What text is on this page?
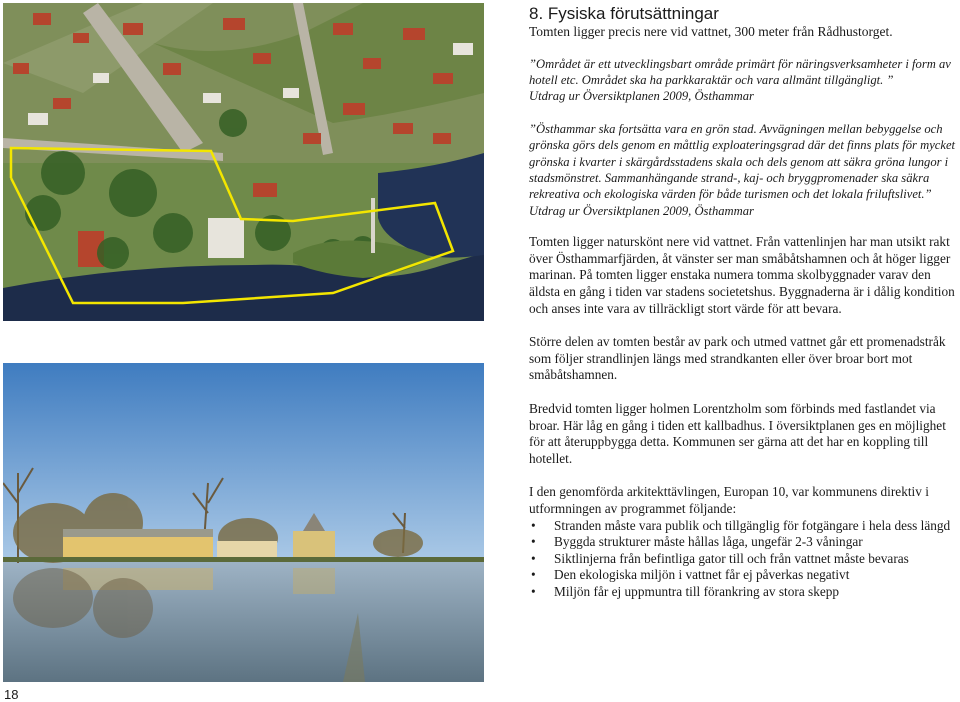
8. Fysiska förutsättningar

Tomten ligger precis nere vid vattnet, 300 meter från Rådhustorget.

”Området är ett utvecklingsbart område primärt för näringsverksamheter i form av hotell etc. Området ska ha parkkaraktär och vara allmänt tillgängligt. ”

Utdrag ur Översiktplanen 2009, Östhammar

”Östhammar ska fortsätta vara en grön stad. Avvägningen mellan bebyggelse och grönska görs dels genom en måttlig exploateringsgrad där det finns plats för mycket grönska i kvarter i skärgårdsstadens skala och dels genom att säkra gröna lungor i stadsmönstret. Sammanhängande strand-, kaj- och bryggpromenader ska säkra rekreativa och ekologiska värden för både turismen och det lokala friluftslivet.”

Utdrag ur Översiktplanen 2009, Östhammar

Tomten ligger naturskönt nere vid vattnet. Från vattenlinjen har man utsikt rakt över Östhammarfjärden, åt vänster ser man småbåtshamnen och åt höger ligger marinan. På tomten ligger enstaka numera tomma skolbyggnader varav den äldsta en gång i tiden var stadens societetshus. Byggnaderna är i dålig kondition och anses inte vara av tillräckligt stort värde för att bevara.

Större delen av tomten består av park och utmed vattnet går ett promenadstråk som följer strandlinjen längs med strandkanten eller över broar bort mot småbåtshamnen.

Bredvid tomten ligger holmen Lorentzholm som förbinds med fastlandet via broar. Här låg en gång i tiden ett kallbadhus. I översiktplanen ges en möjlighet för att återuppbygga detta. Kommunen ser gärna att det har en koppling till hotellet.

I den genomförda arkitekttävlingen, Europan 10, var kommunens direktiv i utformningen av programmet följande:

• Stranden måste vara publik och tillgänglig för fotgängare i hela dess längd
• Byggda strukturer måste hållas låga, ungefär 2-3 våningar
• Siktlinjerna från befintliga gator till och från vattnet måste bevaras
• Den ekologiska miljön i vattnet får ej påverkas negativt
• Miljön får ej uppmuntra till förankring av stora skepp
18
